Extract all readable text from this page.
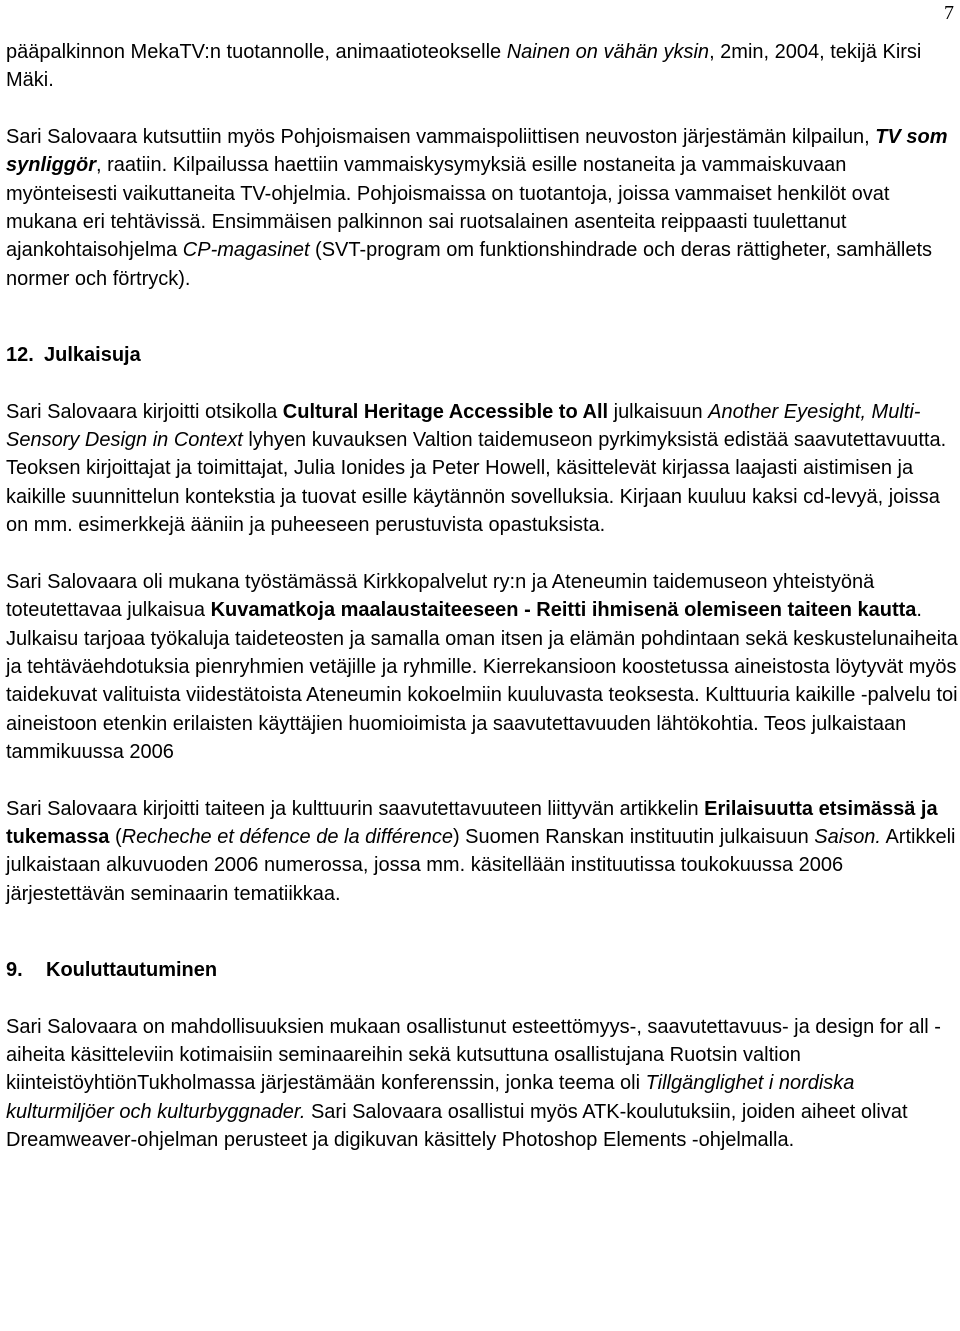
7

pääpalkinnon MekaTV:n tuotannolle, animaatioteokselle Nainen on vähän yksin, 2min, 2004, tekijä Kirsi Mäki.

Sari Salovaara kutsuttiin myös Pohjoismaisen vammaispoliittisen neuvoston järjestämän kilpailun, TV som synliggör, raatiin. Kilpailussa haettiin vammaiskysymyksiä esille nostaneita ja vammaiskuvaan myönteisesti vaikuttaneita TV-ohjelmia. Pohjoismaissa on tuotantoja, joissa vammaiset henkilöt ovat mukana eri tehtävissä. Ensimmäisen palkinnon sai ruotsalainen asenteita reippaasti tuulettanut ajankohtaisohjelma CP-magasinet (SVT-program om funktionshindrade och deras rättigheter, samhällets normer och förtryck).

12. Julkaisuja

Sari Salovaara kirjoitti otsikolla Cultural Heritage Accessible to All julkaisuun Another Eyesight, Multi-Sensory Design in Context lyhyen kuvauksen Valtion taidemuseon pyrkimyksistä edistää saavutettavuutta. Teoksen kirjoittajat ja toimittajat, Julia Ionides ja Peter Howell, käsittelevät kirjassa laajasti aistimisen ja kaikille suunnittelun kontekstia ja tuovat esille käytännön sovelluksia. Kirjaan kuuluu kaksi cd-levyä, joissa on mm. esimerkkejä ääniin ja puheeseen perustuvista opastuksista.

Sari Salovaara oli mukana työstämässä Kirkkopalvelut ry:n ja Ateneumin taidemuseon yhteistyönä toteutettavaa julkaisua Kuvamatkoja maalaustaiteeseen - Reitti ihmisenä olemiseen taiteen kautta. Julkaisu tarjoaa työkaluja taideteosten ja samalla oman itsen ja elämän pohdintaan sekä keskustelunaiheita ja tehtäväehdotuksia pienryhmien vetäjille ja ryhmille. Kierrekansioon koostetussa aineistosta löytyvät myös taidekuvat valituista viidestätoista Ateneumin kokoelmiin kuuluvasta teoksesta. Kulttuuria kaikille -palvelu toi aineistoon etenkin erilaisten käyttäjien huomioimista ja saavutettavuuden lähtökohtia. Teos julkaistaan tammikuussa 2006

Sari Salovaara kirjoitti taiteen ja kulttuurin saavutettavuuteen liittyvän artikkelin Erilaisuutta etsimässä ja tukemassa (Recheche et défence de la différence) Suomen Ranskan instituutin julkaisuun Saison. Artikkeli julkaistaan alkuvuoden 2006 numerossa, jossa mm. käsitellään instituutissa toukokuussa 2006 järjestettävän seminaarin tematiikkaa.

9. Kouluttautuminen

Sari Salovaara on mahdollisuuksien mukaan osallistunut esteettömyys-, saavutettavuus- ja design for all -aiheita käsitteleviin kotimaisiin seminaareihin sekä kutsuttuna osallistujana Ruotsin valtion kiinteistöyhtiönTukholmassa järjestämään konferenssin, jonka teema oli Tillgänglighet i nordiska kulturmiljöer och kulturbyggnader. Sari Salovaara osallistui myös ATK-koulutuksiin, joiden aiheet olivat Dreamweaver-ohjelman perusteet ja digikuvan käsittely Photoshop Elements -ohjelmalla.
